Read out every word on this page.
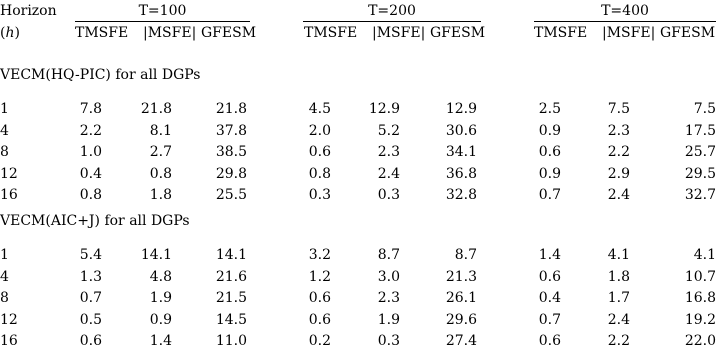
Horizon
(h)
T=100	T=200	T=400
TMSFE |MSFE| GFESM	TMSFE |MSFE| GFESM	TMSFE |MSFE| GFESM
VECM(HQ-PIC) for all DGPs
VECM(AIC+J) for all DGPs
1	7.8	21.8	21.8	4.5	12.9	12.9	2.5	7.5	7.5
4	2.2	8.1	37.8	2.0	5.2	30.6	0.9	2.3	17.5
8	1.0	2.7	38.5	0.6	2.3	34.1	0.6	2.2	25.7
12	0.4	0.8	29.8	0.8	2.4	36.8	0.9	2.9	29.5
16	0.8	1.8	25.5	0.3	0.3	32.8	0.7	2.4	32.7
1	5.4	14.1	14.1	3.2	8.7	8.7	1.4	4.1	4.1
4	1.3	4.8	21.6	1.2	3.0	21.3	0.6	1.8	10.7
8	0.7	1.9	21.5	0.6	2.3	26.1	0.4	1.7	16.8
12	0.5	0.9	14.5	0.6	1.9	29.6	0.7	2.4	19.2
16	0.6	1.4	11.0	0.2	0.3	27.4	0.6	2.2	22.0
